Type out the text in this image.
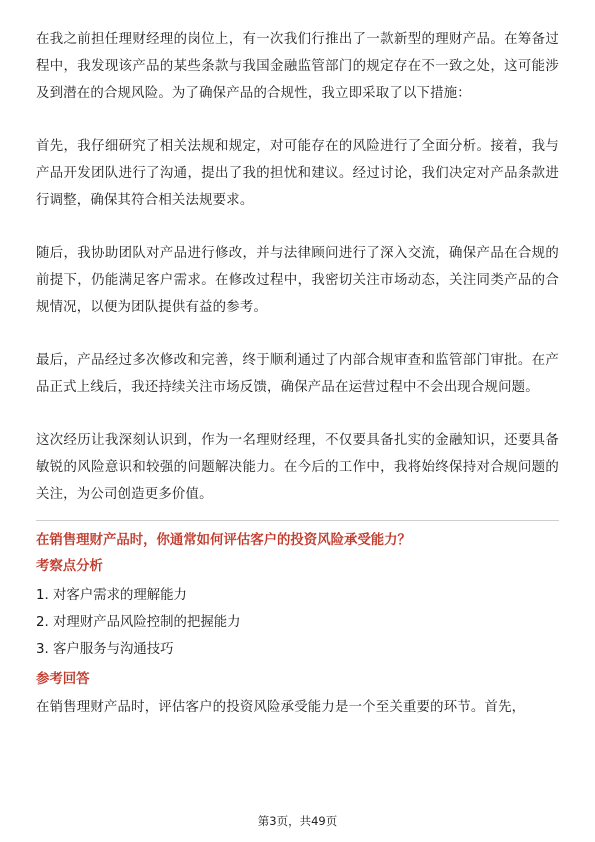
在我之前担任理财经理的岗位上，有一次我们行推出了一款新型的理财产品。在筹备过程中，我发现该产品的某些条款与我国金融监管部门的规定存在不一致之处，这可能涉及到潜在的合规风险。为了确保产品的合规性，我立即采取了以下措施：

首先，我仔细研究了相关法规和规定，对可能存在的风险进行了全面分析。接着，我与产品开发团队进行了沟通，提出了我的担忧和建议。经过讨论，我们决定对产品条款进行调整，确保其符合相关法规要求。

随后，我协助团队对产品进行修改，并与法律顾问进行了深入交流，确保产品在合规的前提下，仍能满足客户需求。在修改过程中，我密切关注市场动态，关注同类产品的合规情况，以便为团队提供有益的参考。

最后，产品经过多次修改和完善，终于顺利通过了内部合规审查和监管部门审批。在产品正式上线后，我还持续关注市场反馈，确保产品在运营过程中不会出现合规问题。

这次经历让我深刻认识到，作为一名理财经理，不仅要具备扎实的金融知识，还要具备敏锐的风险意识和较强的问题解决能力。在今后的工作中，我将始终保持对合规问题的关注，为公司创造更多价值。

在销售理财产品时，你通常如何评估客户的投资风险承受能力？

考察点分析

1. 对客户需求的理解能力

2. 对理财产品风险控制的把握能力

3. 客户服务与沟通技巧

参考回答

在销售理财产品时，评估客户的投资风险承受能力是一个至关重要的环节。首先，

第3页，共49页
